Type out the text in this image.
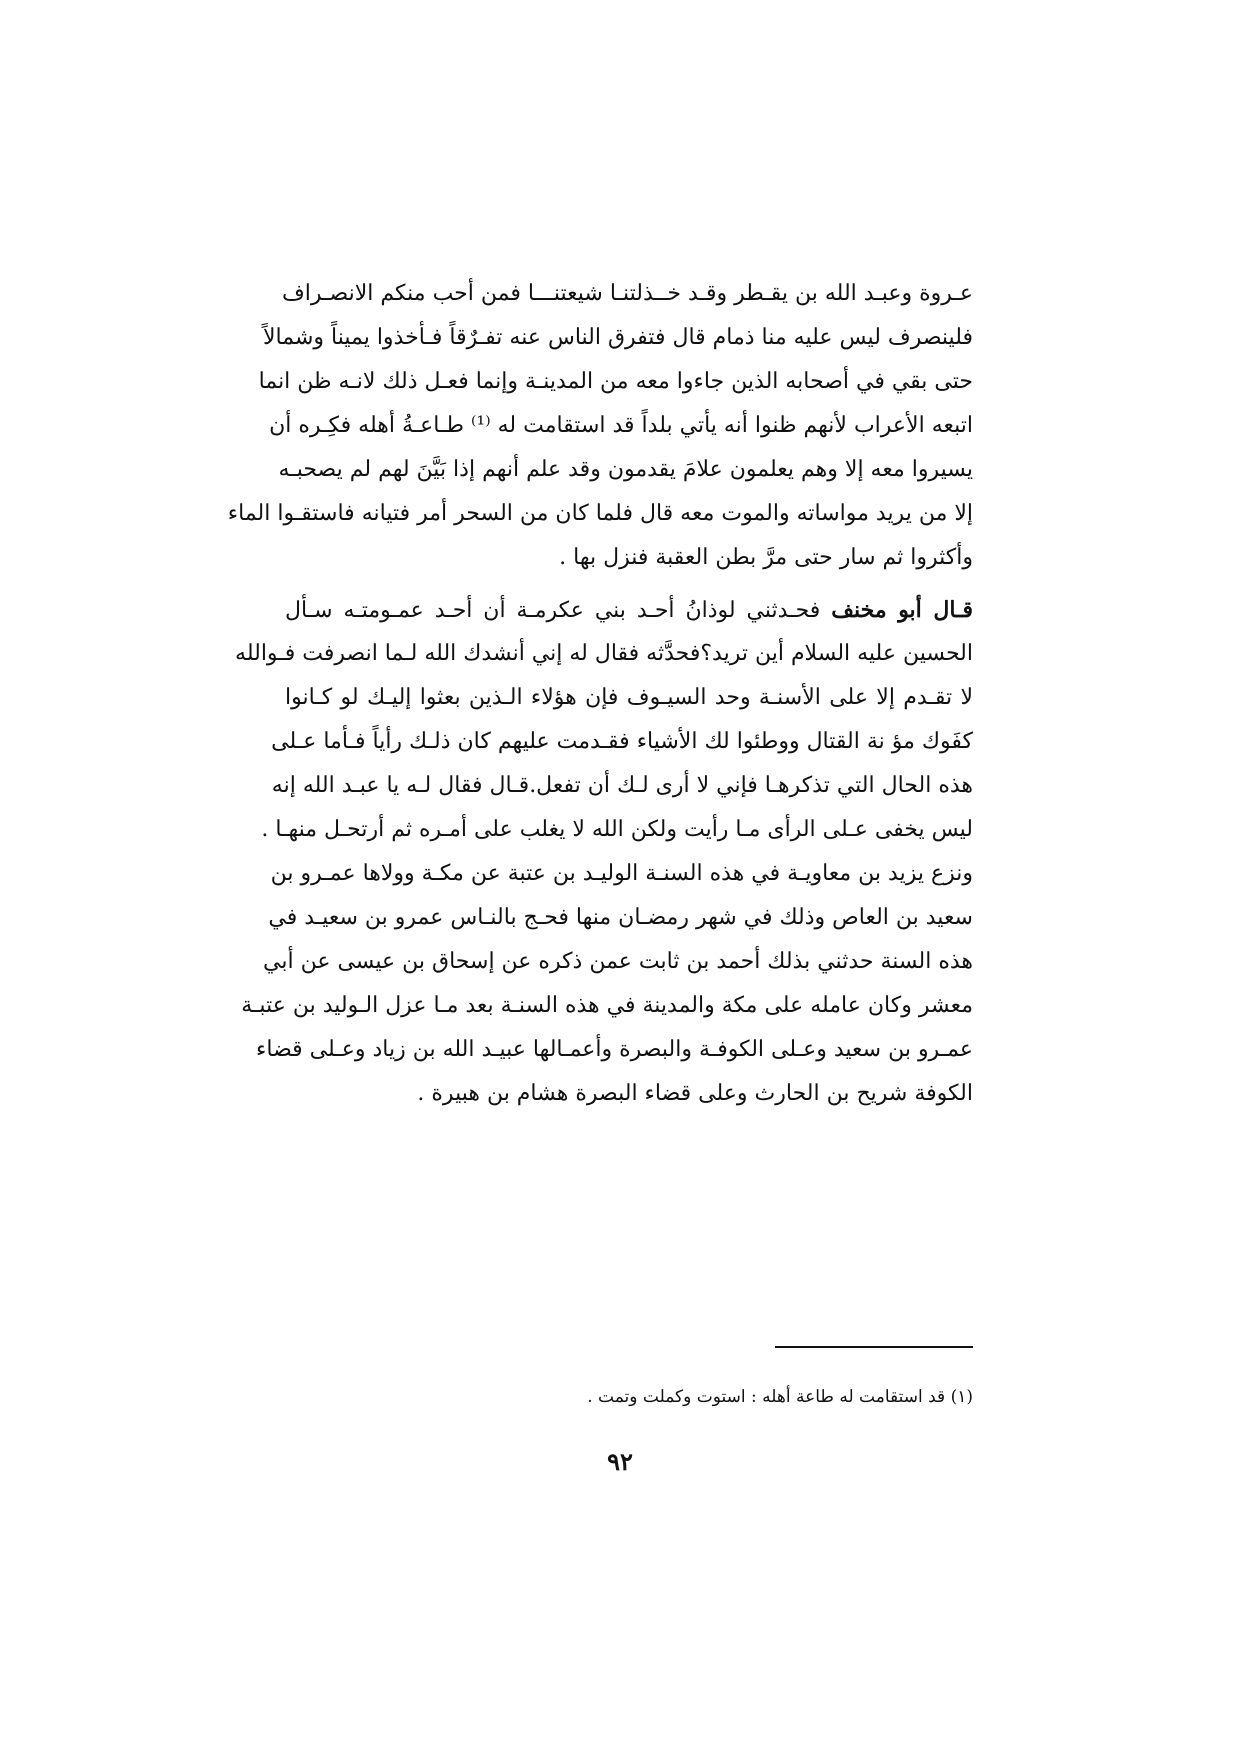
عـروة وعبـد الله بن يقـطر وقـد خــذلتنـا شيعتنـــا فمن أحب منكم الانصـراف
فلينصرف ليس عليه منا ذمام قال فتفرق الناس عنه تفـرٌقاً فـأخذوا يميناً وشمالاً
حتى بقي في أصحابه الذين جاءوا معه من المدينـة وإنما فعـل ذلك لانـه ظن انما
اتبعه الأعراب لأنهم ظنوا أنه يأتي بلداً قد استقامت له ⁽¹⁾ طـاعـةُ أهله فكِـره أن
يسيروا معه إلا وهم يعلمون علامَ يقدمون وقد علم أنهم إذا بَيَّنَ لهم لم يصحبـه
إلا من يريد مواساته والموت معه قال فلما كان من السحر أمر فتيانه فاستقـوا الماء
وأكثروا ثم سار حتى مرَّ بطن العقبة فنزل بها .
قـال أبو مخنف فحـدثني لوذانُ أحـد بني عكرمـة أن أحـد عمـومتـه سـأل
الحسين عليه السلام أين تريد؟فحدَّثه فقال له إني أنشدك الله لـما انصرفت فـوالله
لا تقـدم إلا على الأسنـة وحد السيـوف فإن هؤلاء الـذين بعثوا إليـك لو كـانوا
كفَوك مؤ نة القتال ووطئوا لك الأشياء فقـدمت عليهم كان ذلـك رأياً فـأما عـلى
هذه الحال التي تذكرهـا فإني لا أرى لـك أن تفعل.قـال فقال لـه يا عبـد الله إنه
ليس يخفى عـلى الرأى مـا رأيت ولكن الله لا يغلب على أمـره ثم أرتحـل منهـا .
ونزع يزيد بن معاويـة في هذه السنـة الوليـد بن عتبة عن مكـة وولاها عمـرو بن
سعيد بن العاص وذلك في شهر رمضـان منها فحـج بالنـاس عمرو بن سعيـد في
هذه السنة حدثني بذلك أحمد بن ثابت عمن ذكره عن إسحاق بن عيسى عن أبي
معشر وكان عامله على مكة والمدينة في هذه السنـة بعد مـا عزل الـوليد بن عتبـة
عمـرو بن سعيد وعـلى الكوفـة والبصرة وأعمـالها عبيـد الله بن زياد وعـلى قضاء
الكوفة شريح بن الحارث وعلى قضاء البصرة هشام بن هبيرة .
(١) قد استقامت له طاعة أهله : استوت وكملت وتمت .
٩٢
